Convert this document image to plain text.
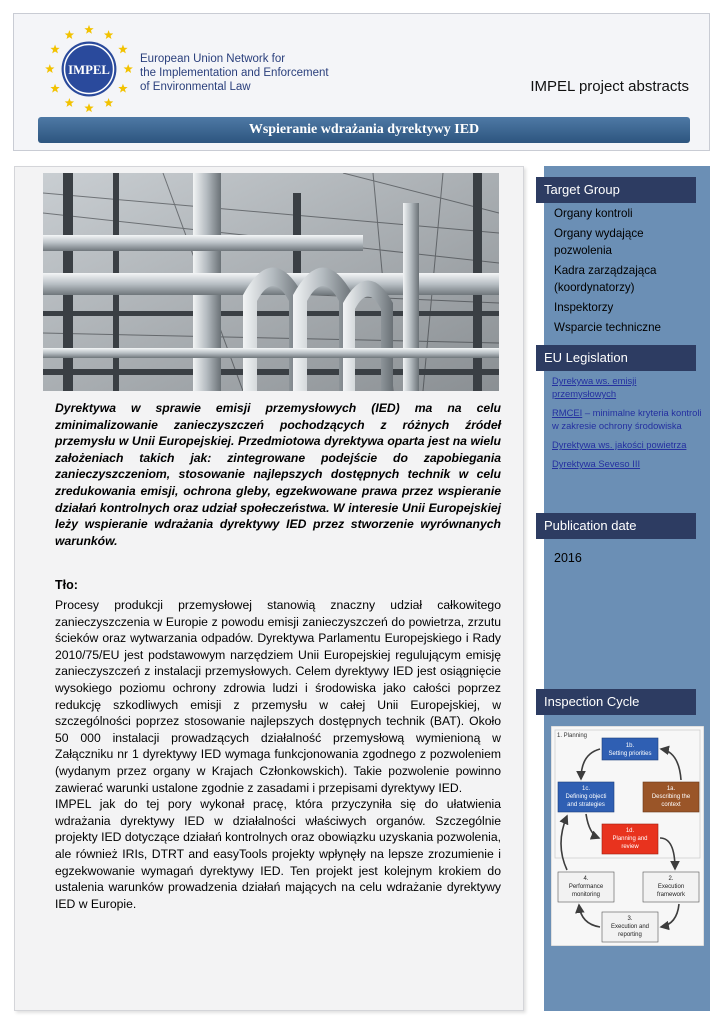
IMPEL
European Union Network for
the Implementation and Enforcement
of Environmental Law	IMPEL project abstracts
Wspieranie wdrażania dyrektywy IED

Dyrektywa w sprawie emisji przemysłowych (IED) ma na celu zminimalizowanie zanieczyszczeń pochodzących z różnych źródeł przemysłu w Unii Europejskiej. Przedmiotowa dyrektywa oparta jest na wielu założeniach takich jak: zintegrowane podejście do zapobiegania zanieczyszczeniom, stosowanie najlepszych dostępnych technik w celu zredukowania emisji, ochrona gleby, egzekwowane prawa przez wspieranie działań kontrolnych oraz udział społeczeństwa. W interesie Unii Europejskiej leży wspieranie wdrażania dyrektywy IED przez stworzenie wyrównanych warunków.

Tło:

Procesy produkcji przemysłowej stanowią znaczny udział całkowitego zanieczyszczenia w Europie z powodu emisji zanieczyszczeń do powietrza, zrzutu ścieków oraz wytwarzania odpadów. Dyrektywa Parlamentu Europejskiego i Rady 2010/75/EU jest podstawowym narzędziem Unii Europejskiej regulującym emisję zanieczyszczeń z instalacji przemysłowych. Celem dyrektywy IED jest osiągnięcie wysokiego poziomu ochrony zdrowia ludzi i środowiska jako całości poprzez redukcję szkodliwych emisji z przemysłu w całej Unii Europejskiej, w szczególności poprzez stosowanie najlepszych dostępnych technik (BAT). Około 50 000 instalacji prowadzących działalność przemysłową wymienioną w Załączniku nr 1 dyrektywy IED wymaga funkcjonowania zgodnego z pozwoleniem (wydanym przez organy w Krajach Członkowskich). Takie pozwolenie powinno zawierać warunki ustalone zgodnie z zasadami i przepisami dyrektywy IED.

IMPEL jak do tej pory wykonał pracę, która przyczyniła się do ułatwienia wdrażania dyrektywy IED w działalności właściwych organów. Szczególnie projekty IED dotyczące działań kontrolnych oraz obowiązku uzyskania pozwolenia, ale również IRIs, DTRT and easyTools projekty wpłynęły na lepsze zrozumienie i egzekwowanie wymagań dyrektywy IED. Ten projekt jest kolejnym krokiem do ustalenia warunków prowadzenia działań mających na celu wdrażanie dyrektywy IED w Europie.

Target Group
Organy kontroli
Organy wydające pozwolenia
Kadra zarządzająca (koordynatorzy)
Inspektorzy
Wsparcie techniczne
EU Legislation
Dyrekywa ws. emisji przemysłowych
RMCEI – minimalne kryteria kontroli w zakresie ochrony środowiska
Dyrektywa ws. jakości powietrza
Dyrektywa Seveso III
Publication date
2016
Inspection Cycle
1. Planning
1b.
Setting priorities
1c.
Defining objecti
and strategies
1a.
Describing the
context
1d.
Planning and
review
4.
Performance
monitoring
2.
Execution
framework
3.
Execution and
reporting
